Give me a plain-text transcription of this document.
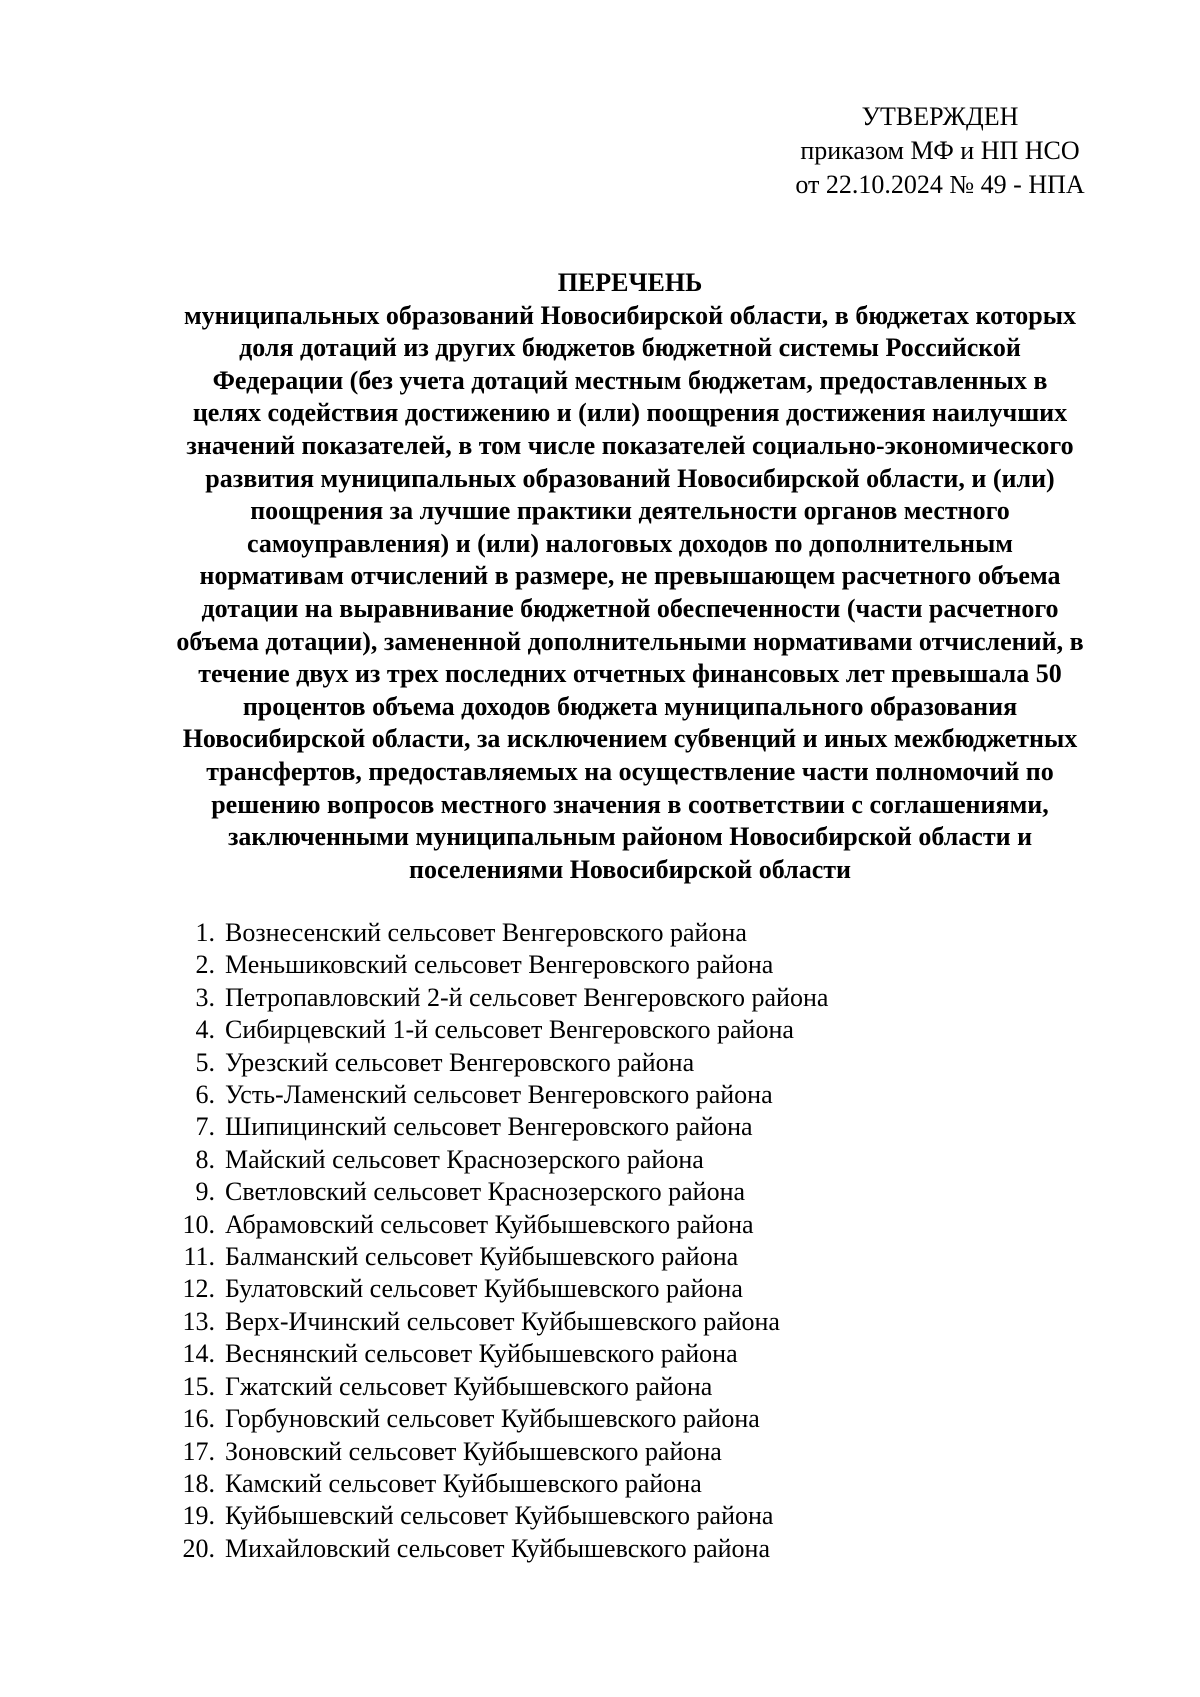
УТВЕРЖДЕН
приказом МФ и НП НСО
от 22.10.2024 № 49 - НПА
ПЕРЕЧЕНЬ
муниципальных образований Новосибирской области, в бюджетах которых
доля дотаций из других бюджетов бюджетной системы Российской
Федерации (без учета дотаций местным бюджетам, предоставленных в
целях содействия достижению и (или) поощрения достижения наилучших
значений показателей, в том числе показателей социально-экономического
развития муниципальных образований Новосибирской области, и (или)
поощрения за лучшие практики деятельности органов местного
самоуправления) и (или) налоговых доходов по дополнительным
нормативам отчислений в размере, не превышающем расчетного объема
дотации на выравнивание бюджетной обеспеченности (части расчетного
объема дотации), замененной дополнительными нормативами отчислений, в
течение двух из трех последних отчетных финансовых лет превышала 50
процентов объема доходов бюджета муниципального образования
Новосибирской области, за исключением субвенций и иных межбюджетных
трансфертов, предоставляемых на осуществление части полномочий по
решению вопросов местного значения в соответствии с соглашениями,
заключенными муниципальным районом Новосибирской области и
поселениями Новосибирской области
1. Вознесенский сельсовет Венгеровского района
2. Меньшиковский сельсовет Венгеровского района
3. Петропавловский 2-й сельсовет Венгеровского района
4. Сибирцевский 1-й сельсовет Венгеровского района
5. Урезский сельсовет Венгеровского района
6. Усть-Ламенский сельсовет Венгеровского района
7. Шипицинский сельсовет Венгеровского района
8. Майский сельсовет Краснозерского района
9. Светловский сельсовет Краснозерского района
10. Абрамовский сельсовет Куйбышевского района
11. Балманский сельсовет Куйбышевского района
12. Булатовский сельсовет Куйбышевского района
13. Верх-Ичинский сельсовет Куйбышевского района
14. Веснянский сельсовет Куйбышевского района
15. Гжатский сельсовет Куйбышевского района
16. Горбуновский сельсовет Куйбышевского района
17. Зоновский сельсовет Куйбышевского района
18. Камский сельсовет Куйбышевского района
19. Куйбышевский сельсовет Куйбышевского района
20. Михайловский сельсовет Куйбышевского района
